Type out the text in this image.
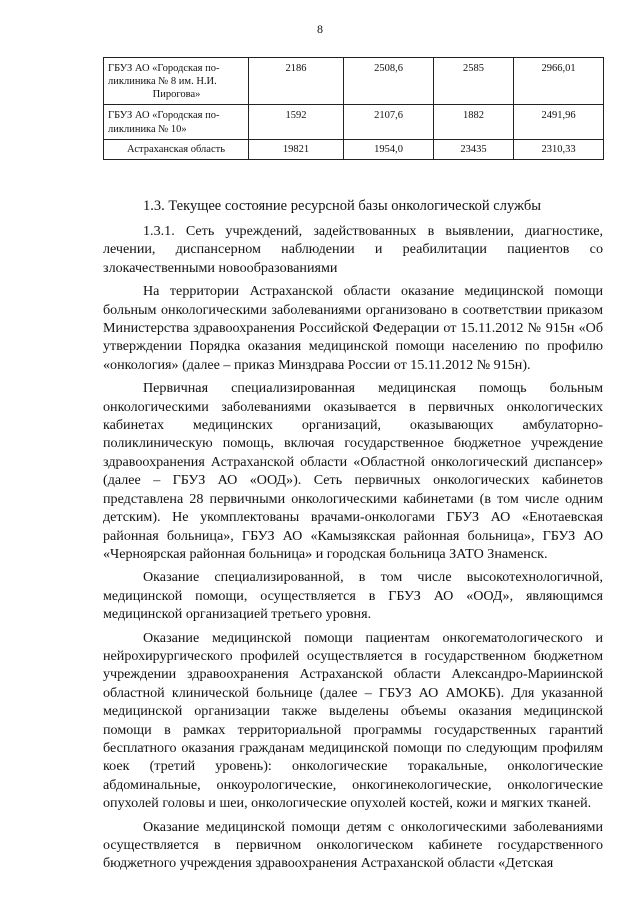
8
ГБУЗ АО «Городская по-
ликлиника № 8 им. Н.И.
Пирогова»	2186	2508,6	2585	2966,01

ГБУЗ АО «Городская по-
ликлиника № 10»	1592	2107,6	1882	2491,96

Астраханская область	19821	1954,0	23435	2310,33
1.3. Текущее состояние ресурсной базы онкологической службы

1.3.1. Сеть учреждений, задействованных в выявлении, диагностике, лечении, диспансерном наблюдении и реабилитации пациентов со злокачественными новообразованиями

На территории Астраханской области оказание медицинской помощи больным онкологическими заболеваниями организовано в соответствии приказом Министерства здравоохранения Российской Федерации от 15.11.2012 № 915н «Об утверждении Порядка оказания медицинской помощи населению по профилю «онкология» (далее – приказ Минздрава России от 15.11.2012 № 915н).

Первичная специализированная медицинская помощь больным онкологическими заболеваниями оказывается в первичных онкологических кабинетах медицинских организаций, оказывающих амбулаторно-поликлиническую помощь, включая государственное бюджетное учреждение здравоохранения Астраханской области «Областной онкологический диспансер» (далее – ГБУЗ АО «ООД»). Сеть первичных онкологических кабинетов представлена 28 первичными онкологическими кабинетами (в том числе одним детским). Не укомплектованы врачами-онкологами ГБУЗ АО «Енотаевская районная больница», ГБУЗ АО «Камызякская районная больница», ГБУЗ АО «Черноярская районная больница» и городская больница ЗАТО Знаменск.

Оказание специализированной, в том числе высокотехнологичной, медицинской помощи, осуществляется в ГБУЗ АО «ООД», являющимся медицинской организацией третьего уровня.

Оказание медицинской помощи пациентам онкогематологического и нейрохирургического профилей осуществляется в государственном бюджетном учреждении здравоохранения Астраханской области Александро-Мариинской областной клинической больнице (далее – ГБУЗ АО АМОКБ). Для указанной медицинской организации также выделены объемы оказания медицинской помощи в рамках территориальной программы государственных гарантий бесплатного оказания гражданам медицинской помощи по следующим профилям коек (третий уровень): онкологические торакальные, онкологические абдоминальные, онкоурологические, онкогинекологические, онкологические опухолей головы и шеи, онкологические опухолей костей, кожи и мягких тканей.

Оказание медицинской помощи детям с онкологическими заболеваниями осуществляется в первичном онкологическом кабинете государственного бюджетного учреждения здравоохранения Астраханской области «Детская
